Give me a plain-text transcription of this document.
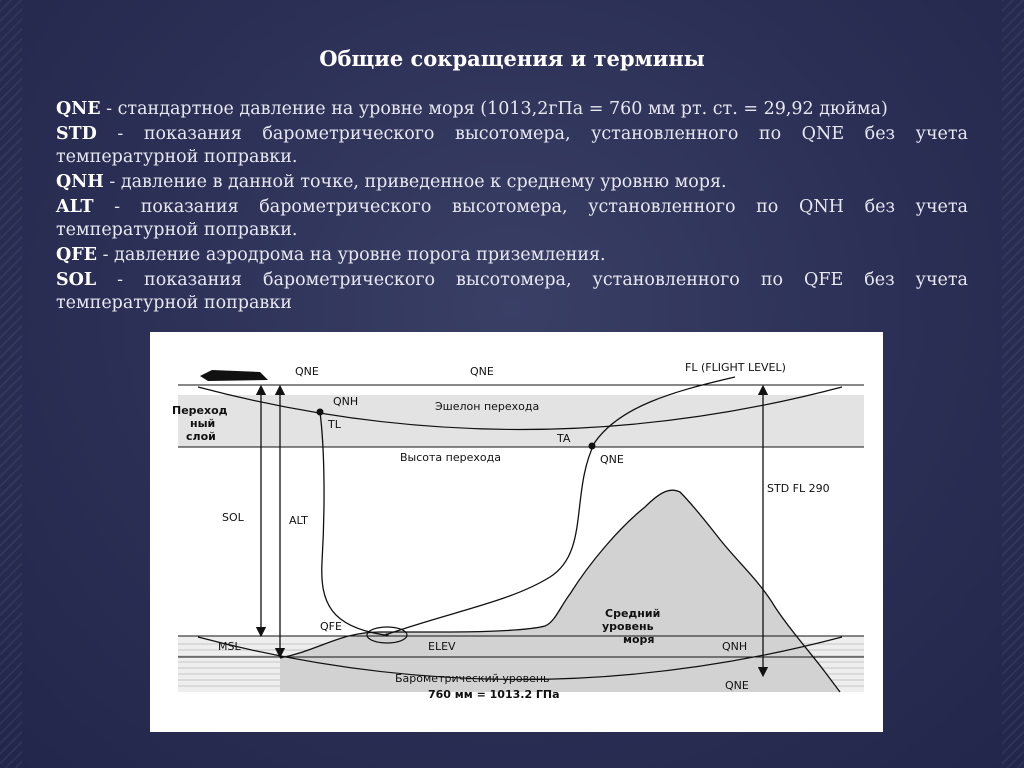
Общие сокращения и термины
QNE - стандартное давление на уровне моря (1013,2гПа = 760 мм рт. ст. = 29,92 дюйма)
STD - показания барометрического высотомера, установленного по QNE без учета температурной поправки.
QNH - давление в данной точке, приведенное к среднему уровню моря.
ALT - показания барометрического высотомера, установленного по QNH без учета температурной поправки.
QFE - давление аэродрома на уровне порога приземления.
SOL - показания барометрического высотомера, установленного по QFE без учета температурной поправки
QNE	QNE	FL (FLIGHT LEVEL)
QNH	Эшелон перехода
Переход
ный
слой
TL
TA
QNE
Высота перехода
STD FL 290
SOL	ALT
QFE
MSL	ELEV
Средний
уровень
моря
QNH
Барометрический уровень
760 мм = 1013.2 ГПа
QNE
